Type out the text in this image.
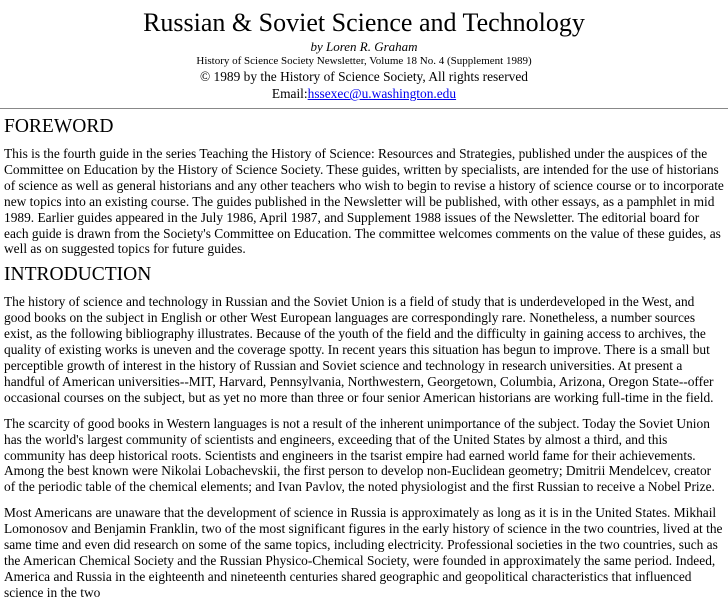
Russian & Soviet Science and Technology
by Loren R. Graham
History of Science Society Newsletter, Volume 18 No. 4 (Supplement 1989)
© 1989 by the History of Science Society, All rights reserved
Email:hssexec@u.washington.edu
FOREWORD

This is the fourth guide in the series Teaching the History of Science: Resources and Strategies, published under the auspices of the Committee on Education by the History of Science Society. These guides, written by specialists, are intended for the use of historians of science as well as general historians and any other teachers who wish to begin to revise a history of science course or to incorporate new topics into an existing course. The guides published in the Newsletter will be published, with other essays, as a pamphlet in mid 1989. Earlier guides appeared in the July 1986, April 1987, and Supplement 1988 issues of the Newsletter. The editorial board for each guide is drawn from the Society's Committee on Education. The committee welcomes comments on the value of these guides, as well as on suggested topics for future guides.

INTRODUCTION

The history of science and technology in Russian and the Soviet Union is a field of study that is underdeveloped in the West, and good books on the subject in English or other West European languages are correspondingly rare. Nonetheless, a number sources exist, as the following bibliography illustrates. Because of the youth of the field and the difficulty in gaining access to archives, the quality of existing works is uneven and the coverage spotty. In recent years this situation has begun to improve. There is a small but perceptible growth of interest in the history of Russian and Soviet science and technology in research universities. At present a handful of American universities--MIT, Harvard, Pennsylvania, Northwestern, Georgetown, Columbia, Arizona, Oregon State--offer occasional courses on the subject, but as yet no more than three or four senior American historians are working full-time in the field.

The scarcity of good books in Western languages is not a result of the inherent unimportance of the subject. Today the Soviet Union has the world's largest community of scientists and engineers, exceeding that of the United States by almost a third, and this community has deep historical roots. Scientists and engineers in the tsarist empire had earned world fame for their achievements. Among the best known were Nikolai Lobachevskii, the first person to develop non-Euclidean geometry; Dmitrii Mendelcev, creator of the periodic table of the chemical elements; and Ivan Pavlov, the noted physiologist and the first Russian to receive a Nobel Prize.

Most Americans are unaware that the development of science in Russia is approximately as long as it is in the United States. Mikhail Lomonosov and Benjamin Franklin, two of the most significant figures in the early history of science in the two countries, lived at the same time and even did research on some of the same topics, including electricity. Professional societies in the two countries, such as the American Chemical Society and the Russian Physico-Chemical Society, were founded in approximately the same period. Indeed, America and Russia in the eighteenth and nineteenth centuries shared geographic and geopolitical characteristics that influenced science in the two
